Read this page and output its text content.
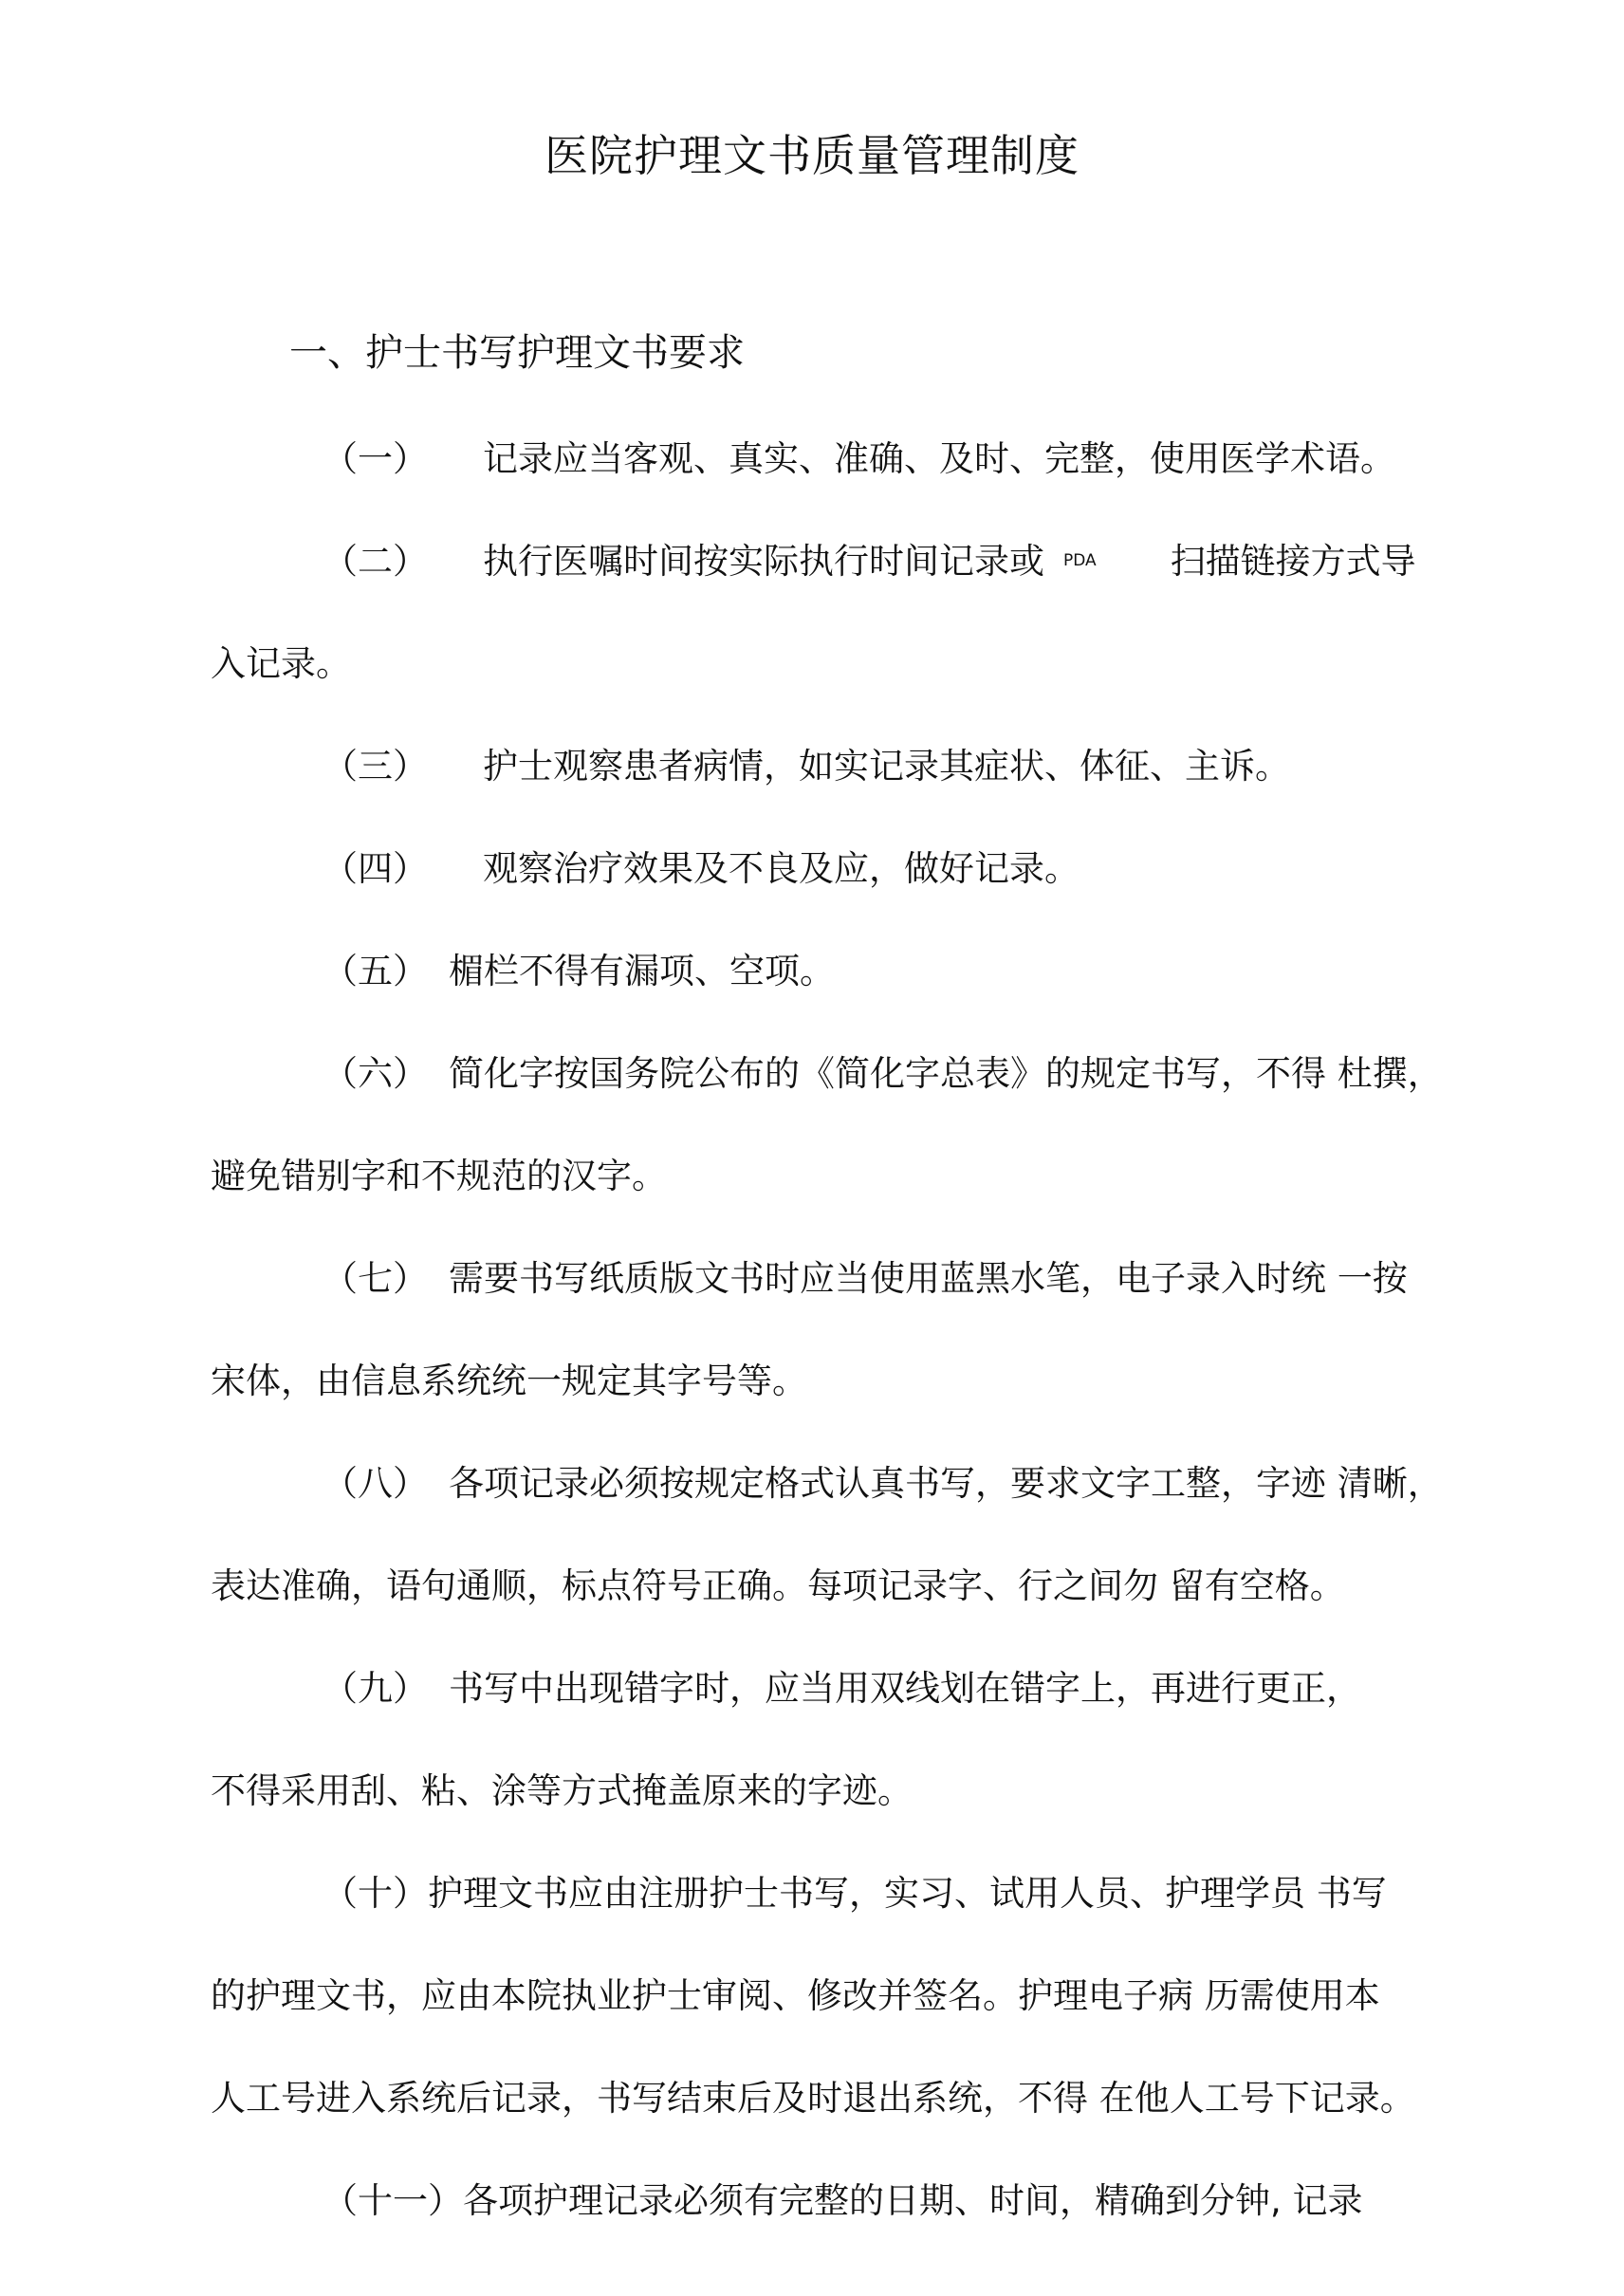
医院护理文书质量管理制度
一、护士书写护理文书要求
（一） 记录应当客观、真实、准确、及时、完整，使用医学术语。
（二） 执行医嘱时间按实际执行时间记录或 PDA 扫描链接方式导
入记录。
（三） 护士观察患者病情，如实记录其症状、体征、主诉。
（四） 观察治疗效果及不良及应，做好记录。
（五） 楣栏不得有漏项、空项。
（六） 简化字按国务院公布的《简化字总表》的规定书写，不得 杜撰，
避免错别字和不规范的汉字。
（七） 需要书写纸质版文书时应当使用蓝黑水笔，电子录入时统 一按
宋体，由信息系统统一规定其字号等。
（八） 各项记录必须按规定格式认真书写，要求文字工整，字迹 清晰，
表达准确，语句通顺，标点符号正确。每项记录字、行之间勿 留有空格。
（九） 书写中出现错字时，应当用双线划在错字上，再进行更正，
不得采用刮、粘、涂等方式掩盖原来的字迹。
（十）护理文书应由注册护士书写，实习、试用人员、护理学员 书写
的护理文书，应由本院执业护士审阅、修改并签名。护理电子病 历需使用本
人工号进入系统后记录，书写结束后及时退出系统，不得 在他人工号下记录。
（十一）各项护理记录必须有完整的日期、时间，精确到分钟, 记录
